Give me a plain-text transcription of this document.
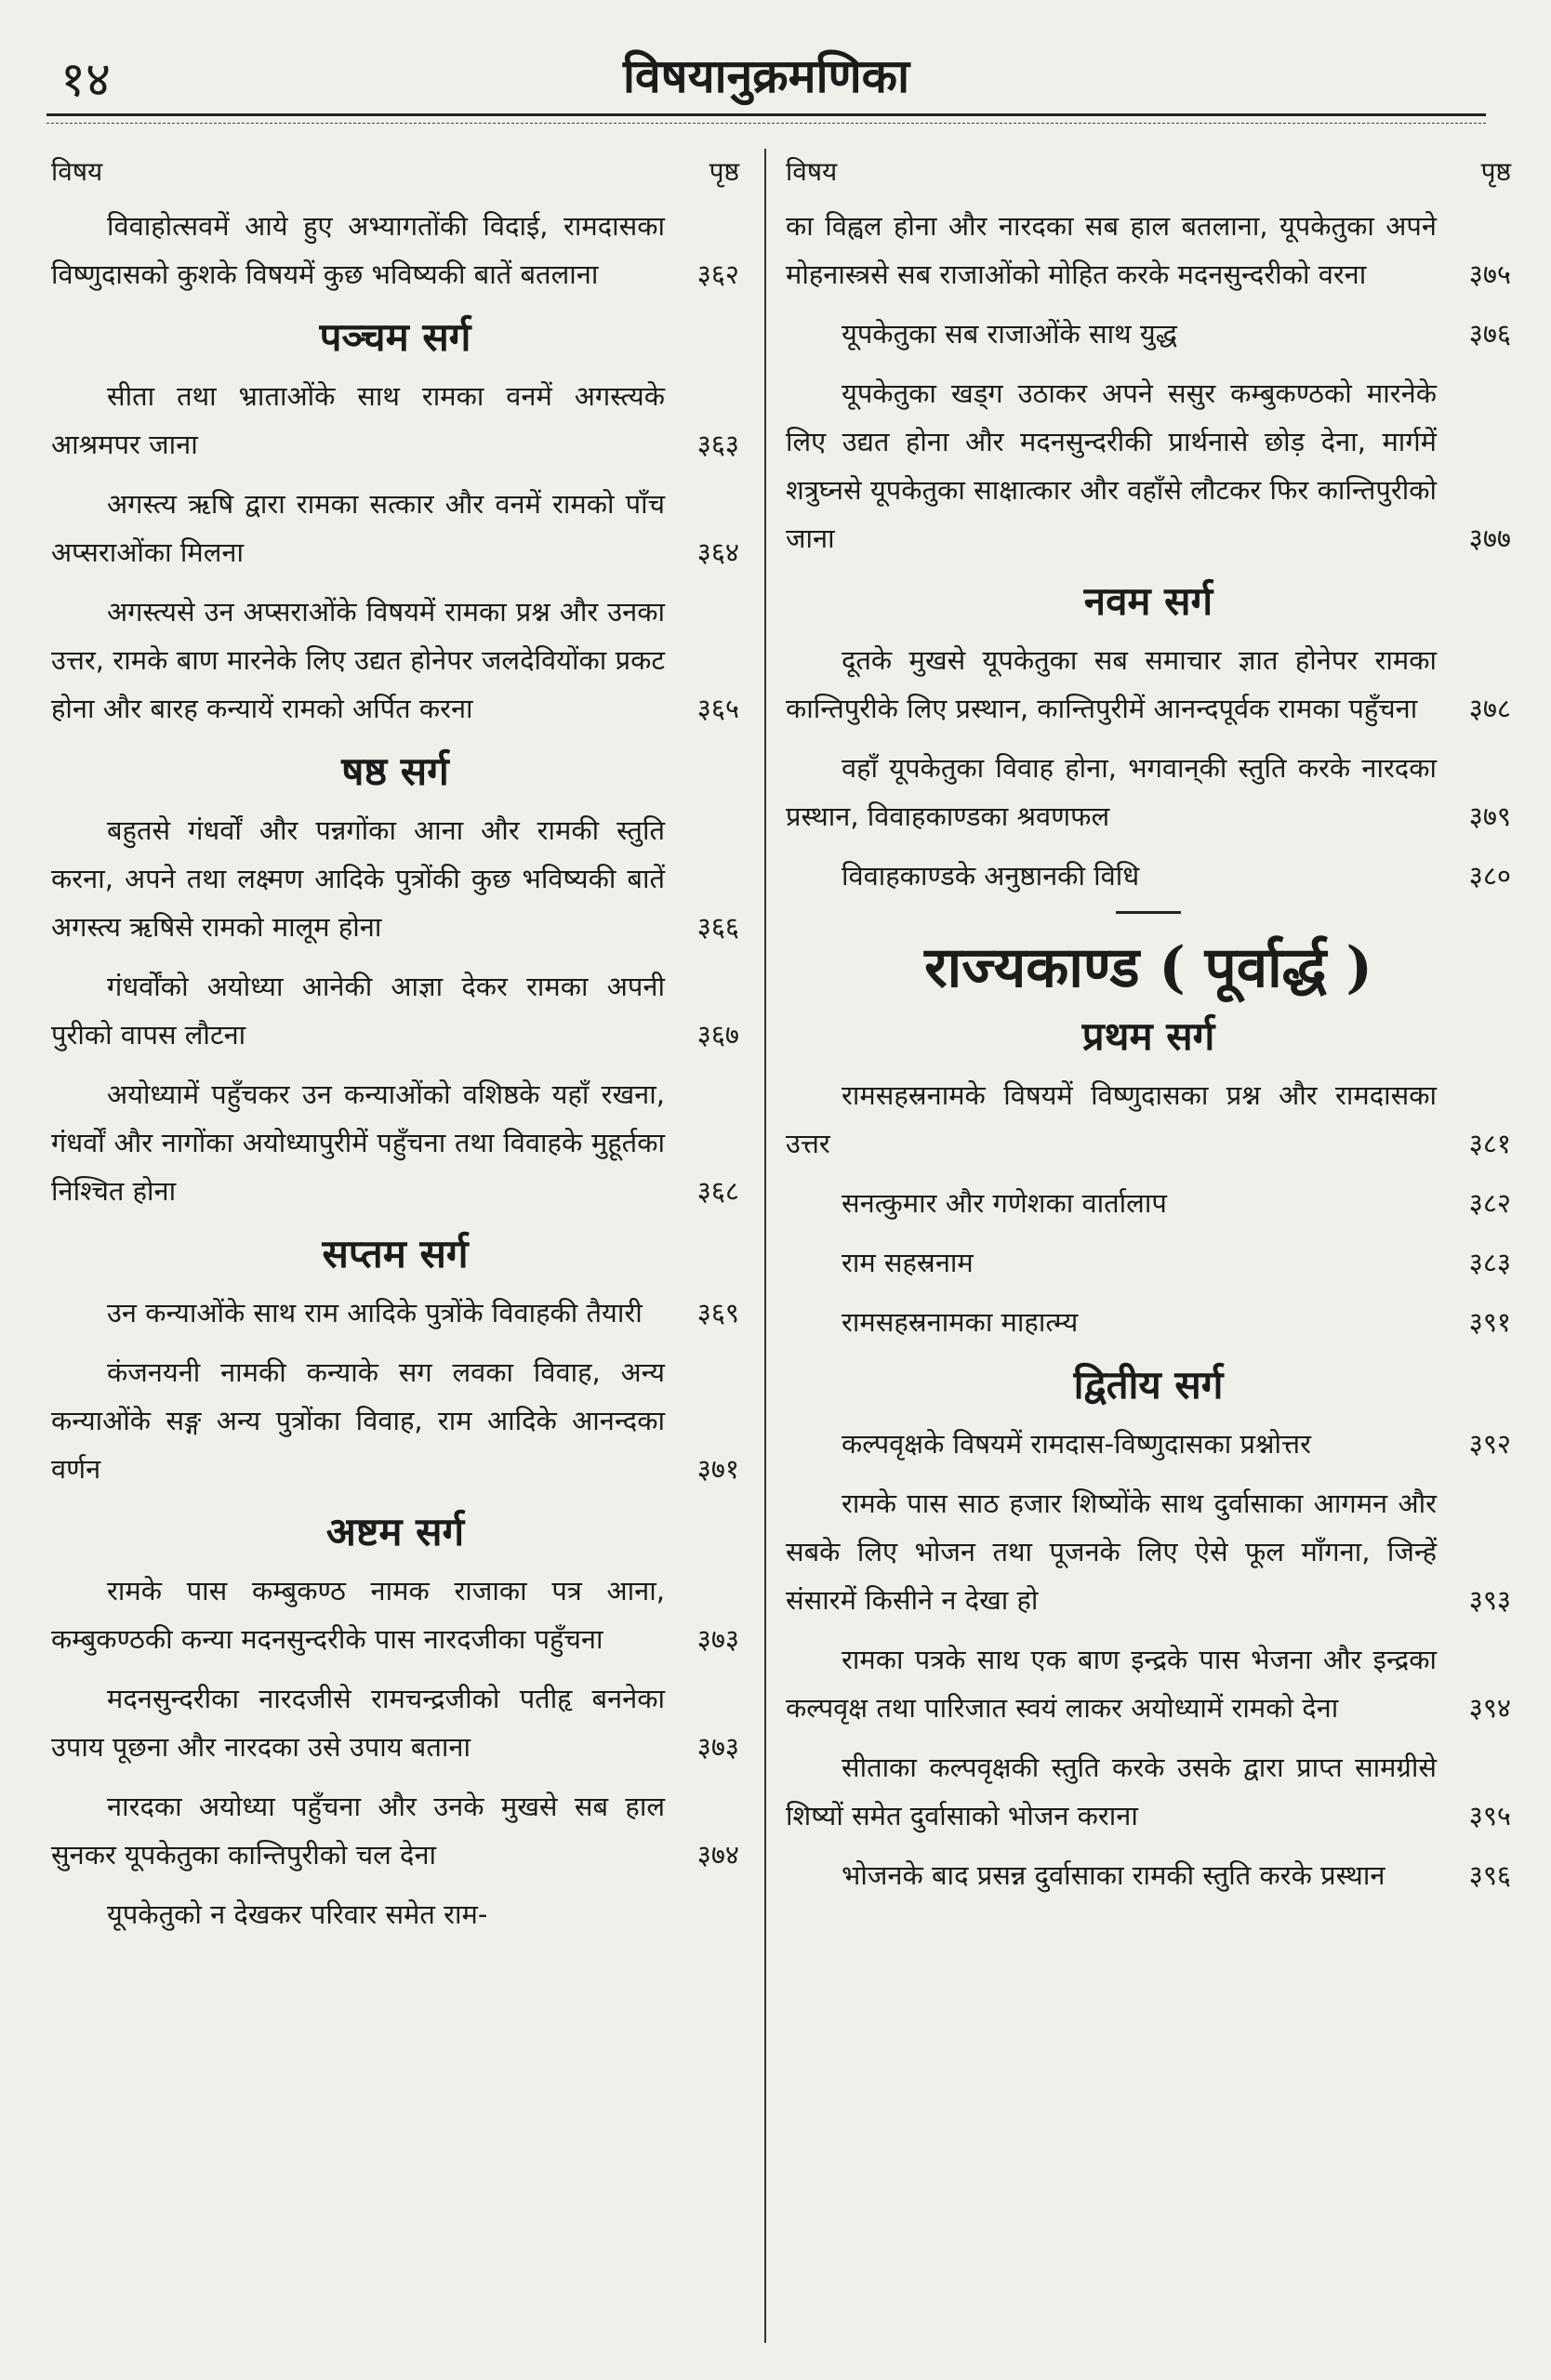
१४	विषयानुक्रमणिका
विषय	पृष्ठ
विवाहोत्सवमें आये हुए अभ्यागतोंकी विदाई, रामदासका विष्णुदासको कुशके विषयमें कुछ भविष्यकी बातें बतलाना	३६२
पञ्चम सर्ग
सीता तथा भ्राताओंके साथ रामका वनमें अगस्त्यके आश्रमपर जाना	३६३
अगस्त्य ऋषि द्वारा रामका सत्कार और वनमें रामको पाँच अप्सराओंका मिलना	३६४
अगस्त्यसे उन अप्सराओंके विषयमें रामका प्रश्न और उनका उत्तर, रामके बाण मारनेके लिए उद्यत होनेपर जलदेवियोंका प्रकट होना और बारह कन्यायें रामको अर्पित करना	३६५
षष्ठ सर्ग
बहुतसे गंधर्वों और पन्नगोंका आना और रामकी स्तुति करना, अपने तथा लक्ष्मण आदिके पुत्रोंकी कुछ भविष्यकी बातें अगस्त्य ऋषिसे रामको मालूम होना	३६६
गंधर्वोंको अयोध्या आनेकी आज्ञा देकर रामका अपनी पुरीको वापस लौटना	३६७
अयोध्यामें पहुँचकर उन कन्याओंको वशिष्ठके यहाँ रखना, गंधर्वों और नागोंका अयोध्यापुरीमें पहुँचना तथा विवाहके मुहूर्तका निश्चित होना	३६८
सप्तम सर्ग
उन कन्याओंके साथ राम आदिके पुत्रोंके विवाहकी तैयारी	३६९
कंजनयनी नामकी कन्याके सग लवका विवाह, अन्य कन्याओंके सङ्ग अन्य पुत्रोंका विवाह, राम आदिके आनन्दका वर्णन	३७१
अष्टम सर्ग
रामके पास कम्बुकण्ठ नामक राजाका पत्र आना, कम्बुकण्ठकी कन्या मदनसुन्दरीके पास नारदजीका पहुँचना	३७३
मदनसुन्दरीका नारदजीसे रामचन्द्रजीको पतीहृ बननेका उपाय पूछना और नारदका उसे उपाय बताना	३७३
नारदका अयोध्या पहुँचना और उनके मुखसे सब हाल सुनकर यूपकेतुका कान्तिपुरीको चल देना	३७४
यूपकेतुको न देखकर परिवार समेत राम-
विषय	पृष्ठ
का विह्वल होना और नारदका सब हाल बतलाना, यूपकेतुका अपने मोहनास्त्रसे सब राजाओंको मोहित करके मदनसुन्दरीको वरना	३७५
यूपकेतुका सब राजाओंके साथ युद्ध	३७६
यूपकेतुका खड्ग उठाकर अपने ससुर कम्बुकण्ठको मारनेके लिए उद्यत होना और मदनसुन्दरीकी प्रार्थनासे छोड़ देना, मार्गमें शत्रुघ्नसे यूपकेतुका साक्षात्कार और वहाँसे लौटकर फिर कान्तिपुरीको जाना	३७७
नवम सर्ग
दूतके मुखसे यूपकेतुका सब समाचार ज्ञात होनेपर रामका कान्तिपुरीके लिए प्रस्थान, कान्तिपुरीमें आनन्दपूर्वक रामका पहुँचना	३७८
वहाँ यूपकेतुका विवाह होना, भगवान्‌की स्तुति करके नारदका प्रस्थान, विवाहकाण्डका श्रवणफल	३७९
विवाहकाण्डके अनुष्ठानकी विधि	३८०
राज्यकाण्ड ( पूर्वार्द्ध )
प्रथम सर्ग
रामसहस्रनामके विषयमें विष्णुदासका प्रश्न और रामदासका उत्तर	३८१
सनत्कुमार और गणेशका वार्तालाप	३८२
राम सहस्रनाम	३८३
रामसहस्रनामका माहात्म्य	३९१
द्वितीय सर्ग
कल्पवृक्षके विषयमें रामदास-विष्णुदासका प्रश्नोत्तर	३९२
रामके पास साठ हजार शिष्योंके साथ दुर्वासाका आगमन और सबके लिए भोजन तथा पूजनके लिए ऐसे फूल माँगना, जिन्हें संसारमें किसीने न देखा हो	३९३
रामका पत्रके साथ एक बाण इन्द्रके पास भेजना और इन्द्रका कल्पवृक्ष तथा पारिजात स्वयं लाकर अयोध्यामें रामको देना	३९४
सीताका कल्पवृक्षकी स्तुति करके उसके द्वारा प्राप्त सामग्रीसे शिष्यों समेत दुर्वासाको भोजन कराना	३९५
भोजनके बाद प्रसन्न दुर्वासाका रामकी स्तुति करके प्रस्थान	३९६
